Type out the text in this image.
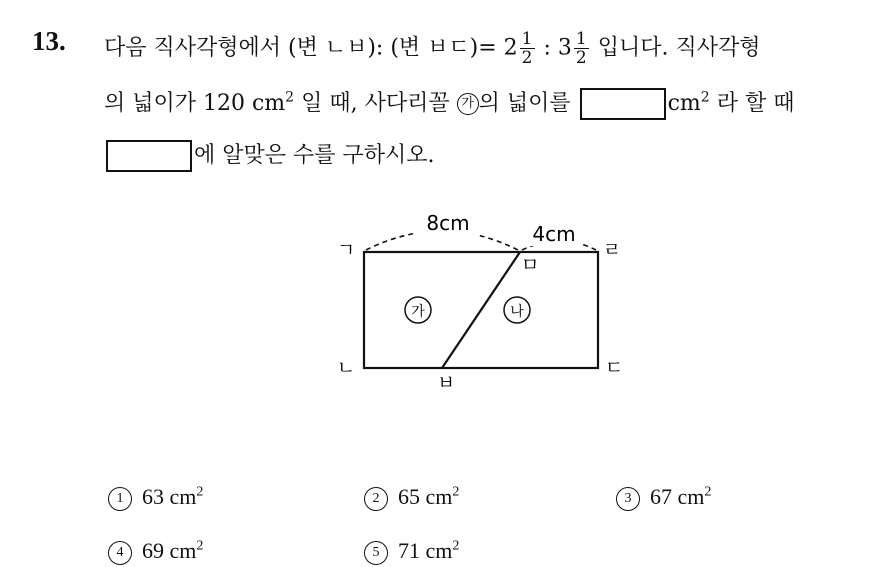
13. 다음 직사각형에서 (변 ㄴㅂ): (변 ㅂㄷ)= $2 \frac{1}{2}$ : $3 \frac{1}{2}$ 입니다. 직사각형
의 넓이가 120 $cm^2$ 일 때, 사다리꼴 가 의 넓이를	$cm^2$ 라 할 때
에 알맞은 수를 구하시오.
8cm	4cm
ㄱ	ㄹ
ㅁ
ㄴ	ㄷ
ㅂ
가	나
1 63 $cm^2$	2 65 $cm^2$	3 67 $cm^2$
4 69 $cm^2$	5 71 $cm^2$
